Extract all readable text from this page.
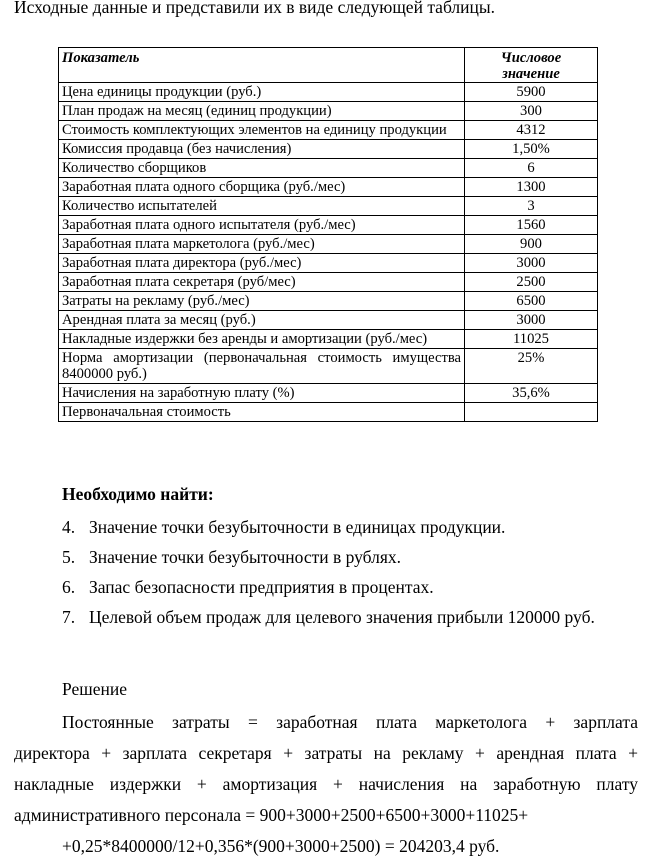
Исходные данные и представили их в виде следующей таблицы.
Показатель	Числовое
значение
Цена единицы продукции (руб.)	5900
План продаж на месяц (единиц продукции)	300
Стоимость комплектующих элементов на единицу продукции	4312
Комиссия продавца (без начисления)	1,50%
Количество сборщиков	6
Заработная плата одного сборщика (руб./мес)	1300
Количество испытателей	3
Заработная плата одного испытателя (руб./мес)	1560
Заработная плата маркетолога (руб./мес)	900
Заработная плата директора (руб./мес)	3000
Заработная плата секретаря (руб/мес)	2500
Затраты на рекламу (руб./мес)	6500
Арендная плата за месяц (руб.)	3000
Накладные издержки без аренды и амортизации (руб./мес)	11025
Норма амортизации (первоначальная стоимость имущества 8400000 руб.)	25%
Начисления на заработную плату (%)	35,6%
Первоначальная стоимость	
Необходимо найти:
4. Значение точки безубыточности в единицах продукции.
5. Значение точки безубыточности в рублях.
6. Запас безопасности предприятия в процентах.
7. Целевой объем продаж для целевого значения прибыли 120000 руб.
Решение
Постоянные затраты = заработная плата маркетолога + зарплата
директора + зарплата секретаря + затраты на рекламу + арендная плата +
накладные издержки + амортизация + начисления на заработную плату
административного персонала = 900+3000+2500+6500+3000+11025+
+0,25*8400000/12+0,356*(900+3000+2500) = 204203,4 руб.
